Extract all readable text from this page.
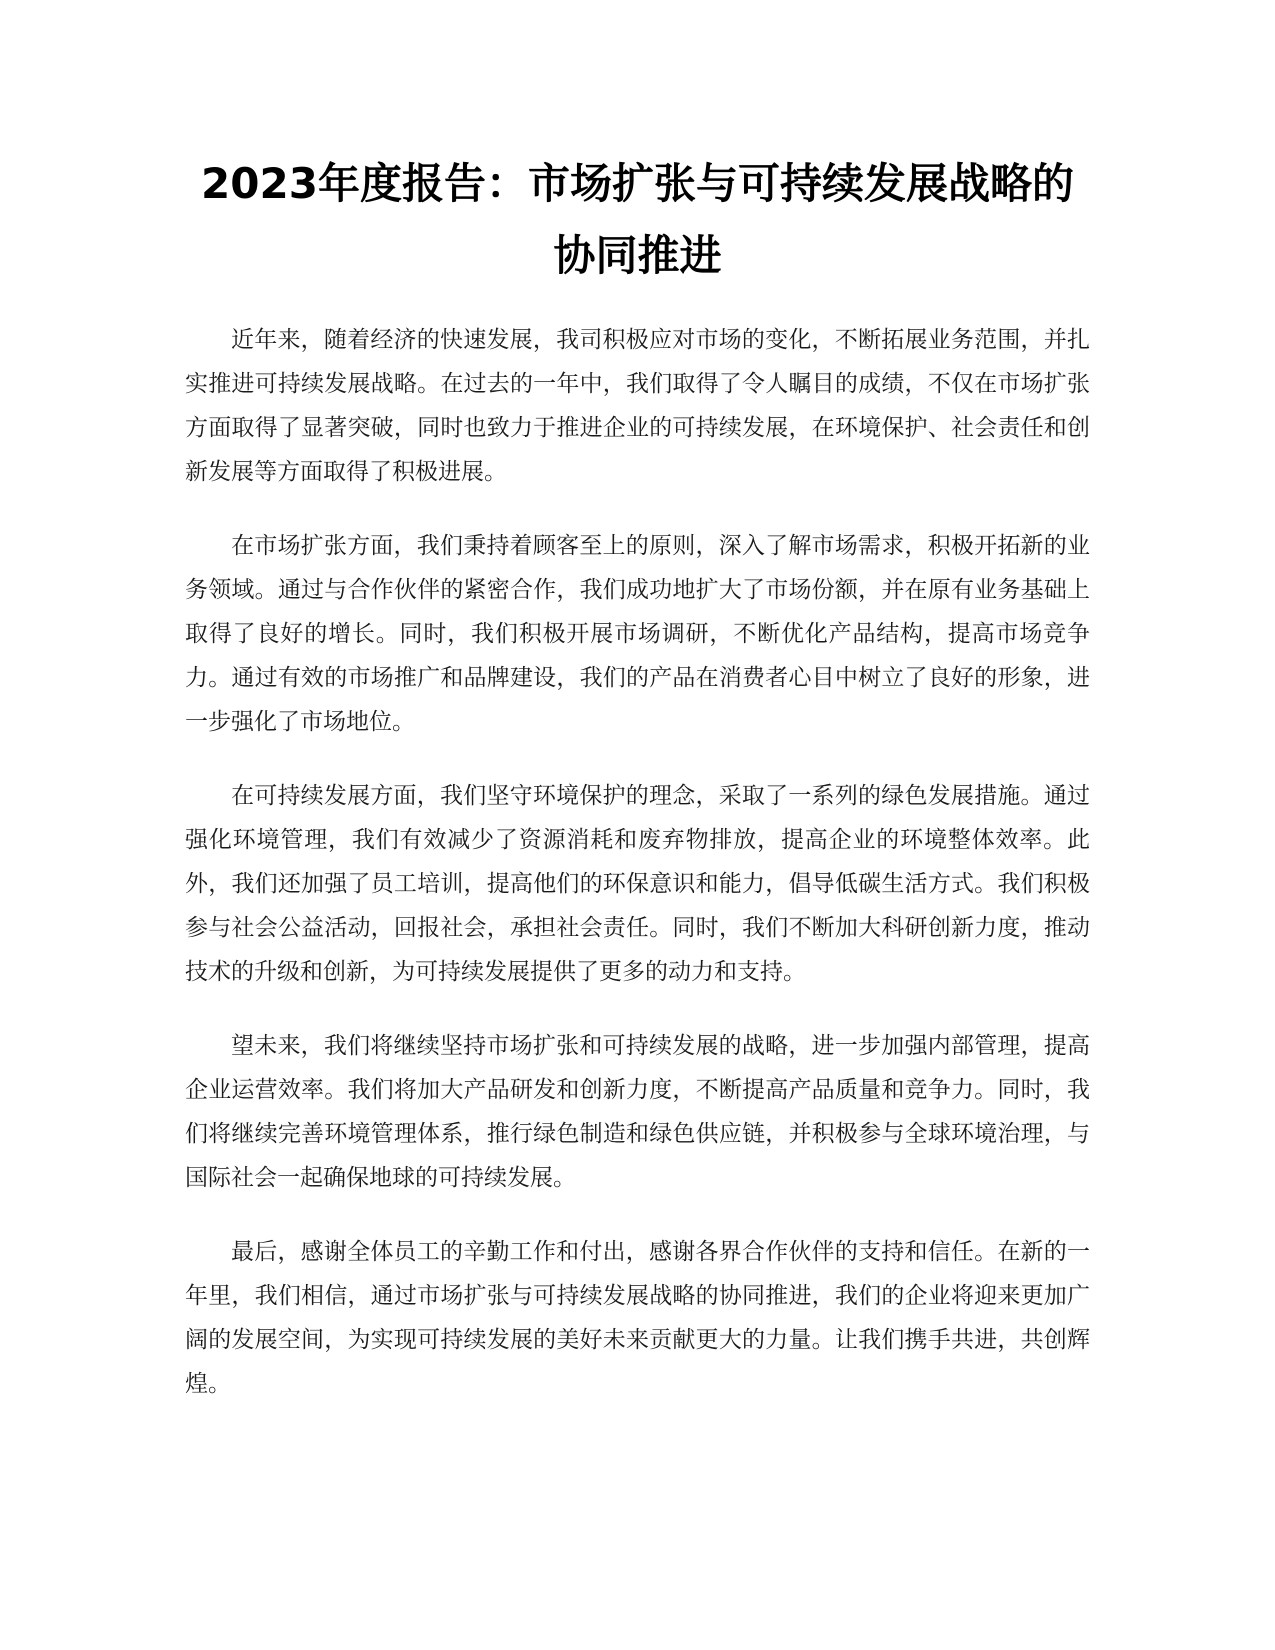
2023年度报告：市场扩张与可持续发展战略的协同推进

近年来，随着经济的快速发展，我司积极应对市场的变化，不断拓展业务范围，并扎实推进可持续发展战略。在过去的一年中，我们取得了令人瞩目的成绩，不仅在市场扩张方面取得了显著突破，同时也致力于推进企业的可持续发展，在环境保护、社会责任和创新发展等方面取得了积极进展。

在市场扩张方面，我们秉持着顾客至上的原则，深入了解市场需求，积极开拓新的业务领域。通过与合作伙伴的紧密合作，我们成功地扩大了市场份额，并在原有业务基础上取得了良好的增长。同时，我们积极开展市场调研，不断优化产品结构，提高市场竞争力。通过有效的市场推广和品牌建设，我们的产品在消费者心目中树立了良好的形象，进一步强化了市场地位。

在可持续发展方面，我们坚守环境保护的理念，采取了一系列的绿色发展措施。通过强化环境管理，我们有效减少了资源消耗和废弃物排放，提高企业的环境整体效率。此外，我们还加强了员工培训，提高他们的环保意识和能力，倡导低碳生活方式。我们积极参与社会公益活动，回报社会，承担社会责任。同时，我们不断加大科研创新力度，推动技术的升级和创新，为可持续发展提供了更多的动力和支持。

望未来，我们将继续坚持市场扩张和可持续发展的战略，进一步加强内部管理，提高企业运营效率。我们将加大产品研发和创新力度，不断提高产品质量和竞争力。同时，我们将继续完善环境管理体系，推行绿色制造和绿色供应链，并积极参与全球环境治理，与国际社会一起确保地球的可持续发展。

最后，感谢全体员工的辛勤工作和付出，感谢各界合作伙伴的支持和信任。在新的一年里，我们相信，通过市场扩张与可持续发展战略的协同推进，我们的企业将迎来更加广阔的发展空间，为实现可持续发展的美好未来贡献更大的力量。让我们携手共进，共创辉煌。
